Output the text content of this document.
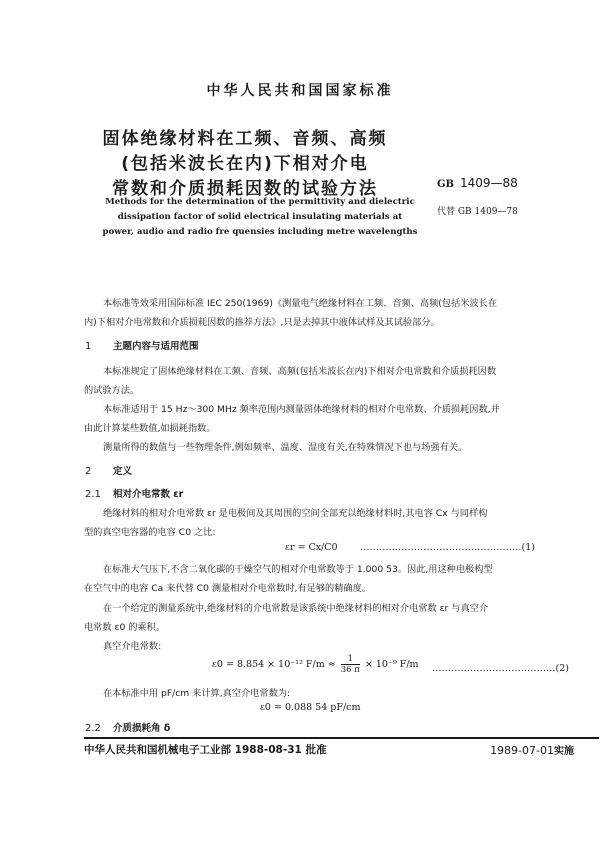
中华人民共和国国家标准
固体绝缘材料在工频、音频、高频
(包括米波长在内)下相对介电
常数和介质损耗因数的试验方法	GB 1409—88
代替 GB 1409—78
Methods for the determination of the permittivity and dielectric
dissipation factor of solid electrical insulating materials at
power, audio and radio fre quensies including metre wavelengths
本标准等效采用国际标准 IEC 250(1969)《测量电气绝缘材料在工频、音频、高频(包括米波长在
内)下相对介电常数和介质损耗因数的推荐方法》,只是去掉其中液体试样及其试验部分。
1 主题内容与适用范围
本标准规定了固体绝缘材料在工频、音频、高频(包括米波长在内)下相对介电常数和介质损耗因数
的试验方法。
本标准适用于 15 Hz～300 MHz 频率范围内测量固体绝缘材料的相对介电常数、介质损耗因数,并
由此计算某些数值,如损耗指数。
测量所得的数值与一些物理条件,例如频率、温度、湿度有关,在特殊情况下也与场强有关。
2 定义
2.1 相对介电常数 εr
绝缘材料的相对介电常数 εr 是电极间及其周围的空间全部充以绝缘材料时,其电容 Cx 与同样构
型的真空电容器的电容 C0 之比:
εr = Cx/C0 ……………………………………………(1)
在标准大气压下,不含二氧化碳的干燥空气的相对介电常数等于 1.000 53。因此,用这种电极构型
在空气中的电容 Ca 来代替 C0 测量相对介电常数时,有足够的精确度。
在一个给定的测量系统中,绝缘材料的介电常数是该系统中绝缘材料的相对介电常数 εr 与真空介
电常数 ε0 的乘积。
真空介电常数:
ε0 = 8.854 × 10⁻¹² $F/m \approx \frac{1}{36 \pi} \times 10^{-9}$ F/m …………………………………(2)
在本标准中用 pF/cm 来计算,真空介电常数为:
ε0 = 0.088 54 pF/cm
2.2 介质损耗角 δ
中华人民共和国机械电子工业部 1988-08-31 批准	1989-07-01实施
